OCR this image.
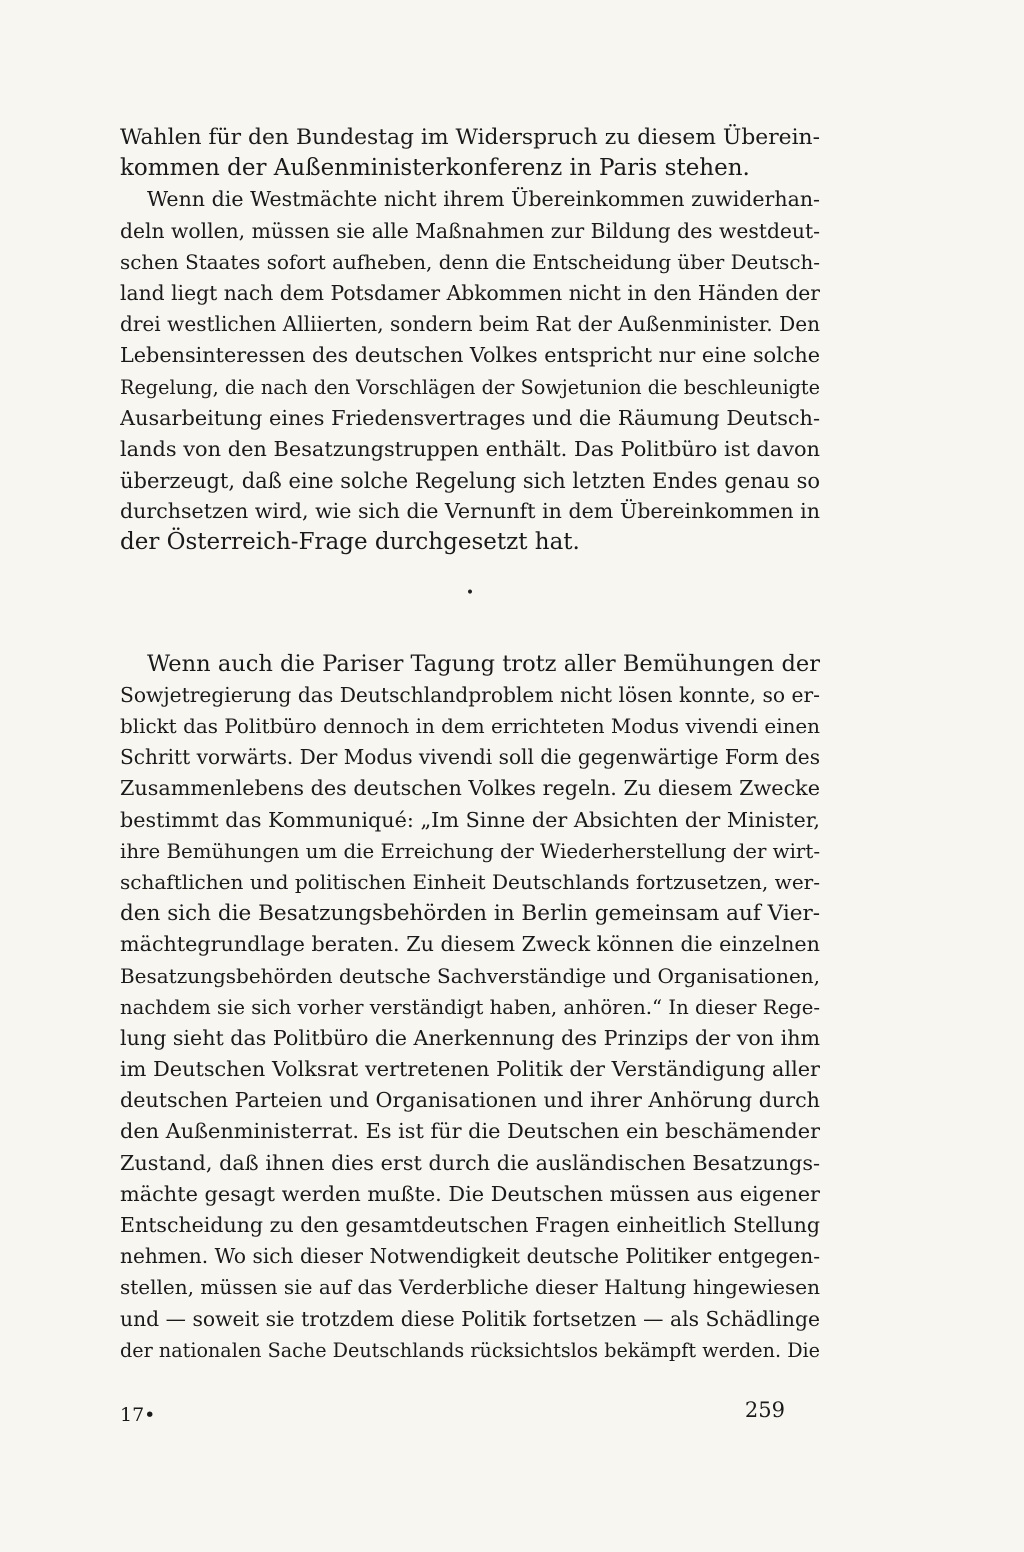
Wahlen für den Bundestag im Widerspruch zu diesem Überein-
kommen der Außenministerkonferenz in Paris stehen.
Wenn die Westmächte nicht ihrem Übereinkommen zuwiderhan-
deln wollen, müssen sie alle Maßnahmen zur Bildung des westdeut-
schen Staates sofort aufheben, denn die Entscheidung über Deutsch-
land liegt nach dem Potsdamer Abkommen nicht in den Händen der
drei westlichen Alliierten, sondern beim Rat der Außenminister. Den
Lebensinteressen des deutschen Volkes entspricht nur eine solche
Regelung, die nach den Vorschlägen der Sowjetunion die beschleunigte
Ausarbeitung eines Friedensvertrages und die Räumung Deutsch-
lands von den Besatzungstruppen enthält. Das Politbüro ist davon
überzeugt, daß eine solche Regelung sich letzten Endes genau so
durchsetzen wird, wie sich die Vernunft in dem Übereinkommen in
der Österreich-Frage durchgesetzt hat.
•
Wenn auch die Pariser Tagung trotz aller Bemühungen der
Sowjetregierung das Deutschlandproblem nicht lösen konnte, so er-
blickt das Politbüro dennoch in dem errichteten Modus vivendi einen
Schritt vorwärts. Der Modus vivendi soll die gegenwärtige Form des
Zusammenlebens des deutschen Volkes regeln. Zu diesem Zwecke
bestimmt das Kommuniqué: „Im Sinne der Absichten der Minister,
ihre Bemühungen um die Erreichung der Wiederherstellung der wirt-
schaftlichen und politischen Einheit Deutschlands fortzusetzen, wer-
den sich die Besatzungsbehörden in Berlin gemeinsam auf Vier-
mächtegrundlage beraten. Zu diesem Zweck können die einzelnen
Besatzungsbehörden deutsche Sachverständige und Organisationen,
nachdem sie sich vorher verständigt haben, anhören.“ In dieser Rege-
lung sieht das Politbüro die Anerkennung des Prinzips der von ihm
im Deutschen Volksrat vertretenen Politik der Verständigung aller
deutschen Parteien und Organisationen und ihrer Anhörung durch
den Außenministerrat. Es ist für die Deutschen ein beschämender
Zustand, daß ihnen dies erst durch die ausländischen Besatzungs-
mächte gesagt werden mußte. Die Deutschen müssen aus eigener
Entscheidung zu den gesamtdeutschen Fragen einheitlich Stellung
nehmen. Wo sich dieser Notwendigkeit deutsche Politiker entgegen-
stellen, müssen sie auf das Verderbliche dieser Haltung hingewiesen
und — soweit sie trotzdem diese Politik fortsetzen — als Schädlinge
der nationalen Sache Deutschlands rücksichtslos bekämpft werden. Die
17•	259
